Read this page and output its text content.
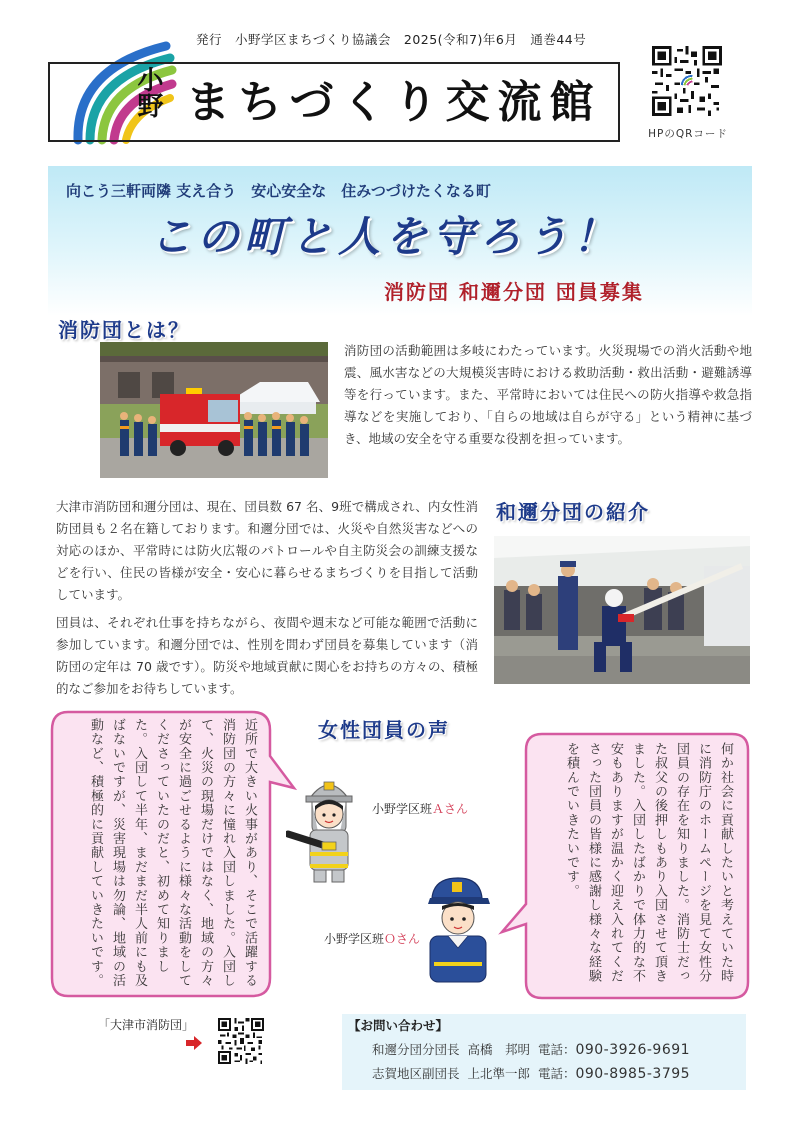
発行　小野学区まちづくり協議会　2025(令和7)年6月　通巻44号
小野 まちづくり交流館
HPのQRコード
向こう三軒両隣 支え合う　安心安全な　住みつづけたくなる町
この町と人を守ろう！
消防団 和邇分団 団員募集
消防団とは？
消防団の活動範囲は多岐にわたっています。火災現場での消火活動や地震、風水害などの大規模災害時における救助活動・救出活動・避難誘導等を行っています。また、平常時においては住民への防火指導や救急指導などを実施しており、「自らの地域は自らが守る」という精神に基づき、地域の安全を守る重要な役割を担っています。
大津市消防団和邇分団は、現在、団員数 67 名、9班で構成され、内女性消防団員も２名在籍しております。和邇分団では、火災や自然災害などへの対応のほか、平常時には防火広報のパトロールや自主防災会の訓練支援などを行い、住民の皆様が安全・安心に暮らせるまちづくりを目指して活動しています。
団員は、それぞれ仕事を持ちながら、夜間や週末など可能な範囲で活動に参加しています。和邇分団では、性別を問わず団員を募集しています（消防団の定年は 70 歳です）。防災や地域貢献に関心をお持ちの方々の、積極的なご参加をお待ちしています。
和邇分団の紹介
女性団員の声
近所で大きい火事があり、そこで活躍する消防団の方々に憧れ入団しました。入団して、火災の現場だけではなく、地域の方々が安全に過ごせるように様々な活動をしてくださっていたのだと、初めて知りました。入団して半年、まだまだ半人前にも及ばないですが、災害現場は勿論、地域の活動など、積極的に貢献していきたいです。	何か社会に貢献したいと考えていた時に消防庁のホームページを見て女性分団員の存在を知りました。消防士だった叔父の後押しもあり入団させて頂きました。入団したばかりで体力的な不安もありますが温かく迎え入れてくださった団員の皆様に感謝し様々な経験を積んでいきたいです。
小野学区班Ａさん
小野学区班Ｏさん
「大津市消防団」	【お問い合わせ】
和邇分団分団長 高橋　邦明 電話：090-3926-9691
志賀地区副団長 上北準一郎 電話：090-8985-3795
